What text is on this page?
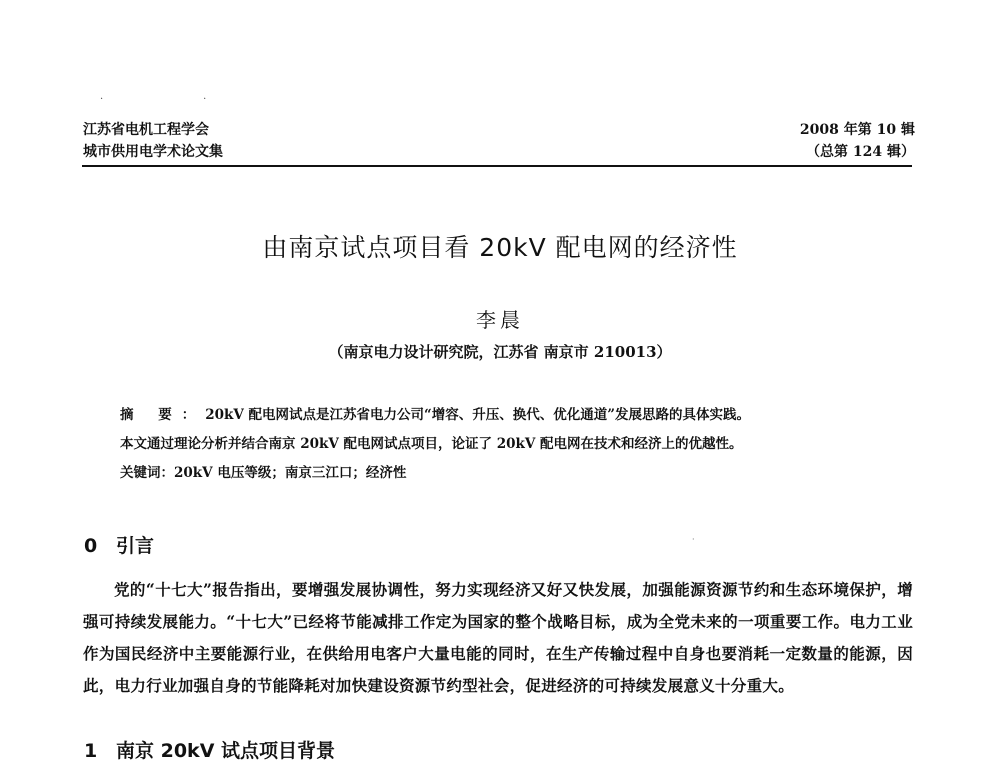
··
江苏省电机工程学会
城市供用电学术论文集
2008 年第 10 辑
（总第 124 辑）
由南京试点项目看 20kV 配电网的经济性
李晨
（南京电力设计研究院，江苏省 南京市 210013）
摘 要：20kV 配电网试点是江苏省电力公司“增容、升压、换代、优化通道”发展思路的具体实践。
本文通过理论分析并结合南京 20kV 配电网试点项目，论证了 20kV 配电网在技术和经济上的优越性。
关键词：20kV 电压等级；南京三江口；经济性
0 引言	·
党的“十七大”报告指出，要增强发展协调性，努力实现经济又好又快发展，加强能源资源节约和生态环境保护，增强可持续发展能力。“十七大”已经将节能减排工作定为国家的整个战略目标，成为全党未来的一项重要工作。电力工业作为国民经济中主要能源行业，在供给用电客户大量电能的同时，在生产传输过程中自身也要消耗一定数量的能源，因此，电力行业加强自身的节能降耗对加快建设资源节约型社会，促进经济的可持续发展意义十分重大。
1 南京 20kV 试点项目背景
